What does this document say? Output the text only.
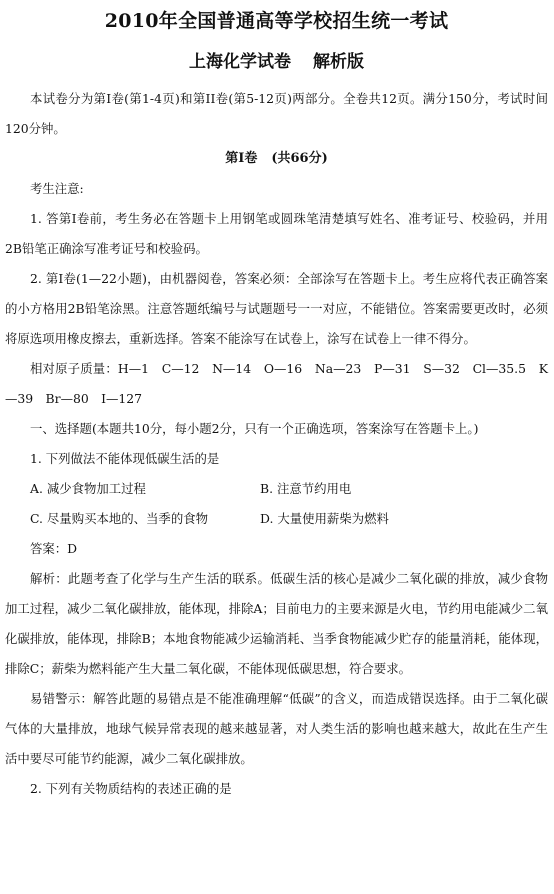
2010年全国普通高等学校招生统一考试
上海化学试卷 解析版

本试卷分为第Ⅰ卷(第1-4页)和第II卷(第5-12页)两部分。全卷共12页。满分150分，考试时间120分钟。

第Ⅰ卷 (共66分)

考生注意:

1. 答第Ⅰ卷前，考生务必在答题卡上用钢笔或圆珠笔清楚填写姓名、准考证号、校验码，并用2B铅笔正确涂写准考证号和校验码。

2. 第Ⅰ卷(1—22小题)，由机器阅卷，答案必须：全部涂写在答题卡上。考生应将代表正确答案的小方格用2B铅笔涂黑。注意答题纸编号与试题题号一一对应，不能错位。答案需要更改时，必须将原选项用橡皮擦去，重新选择。答案不能涂写在试卷上，涂写在试卷上一律不得分。

相对原子质量：H—1　C—12　N—14　O—16　Na—23　P—31　S—32　Cl—35.5　K—39　Br—80　I—127

一、选择题(本题共10分，每小题2分，只有一个正确选项，答案涂写在答题卡上。)

1. 下列做法不能体现低碳生活的是

A. 减少食物加工过程	B. 注意节约用电
C. 尽量购买本地的、当季的食物	D. 大量使用薪柴为燃料

答案：D

解析：此题考查了化学与生产生活的联系。低碳生活的核心是减少二氧化碳的排放，减少食物加工过程，减少二氧化碳排放，能体现，排除A；目前电力的主要来源是火电，节约用电能减少二氧化碳排放，能体现，排除B；本地食物能减少运输消耗、当季食物能减少贮存的能量消耗，能体现，排除C；薪柴为燃料能产生大量二氧化碳，不能体现低碳思想，符合要求。

易错警示：解答此题的易错点是不能准确理解“低碳”的含义，而造成错误选择。由于二氧化碳气体的大量排放，地球气候异常表现的越来越显著，对人类生活的影响也越来越大，故此在生产生活中要尽可能节约能源，减少二氧化碳排放。

2. 下列有关物质结构的表述正确的是
